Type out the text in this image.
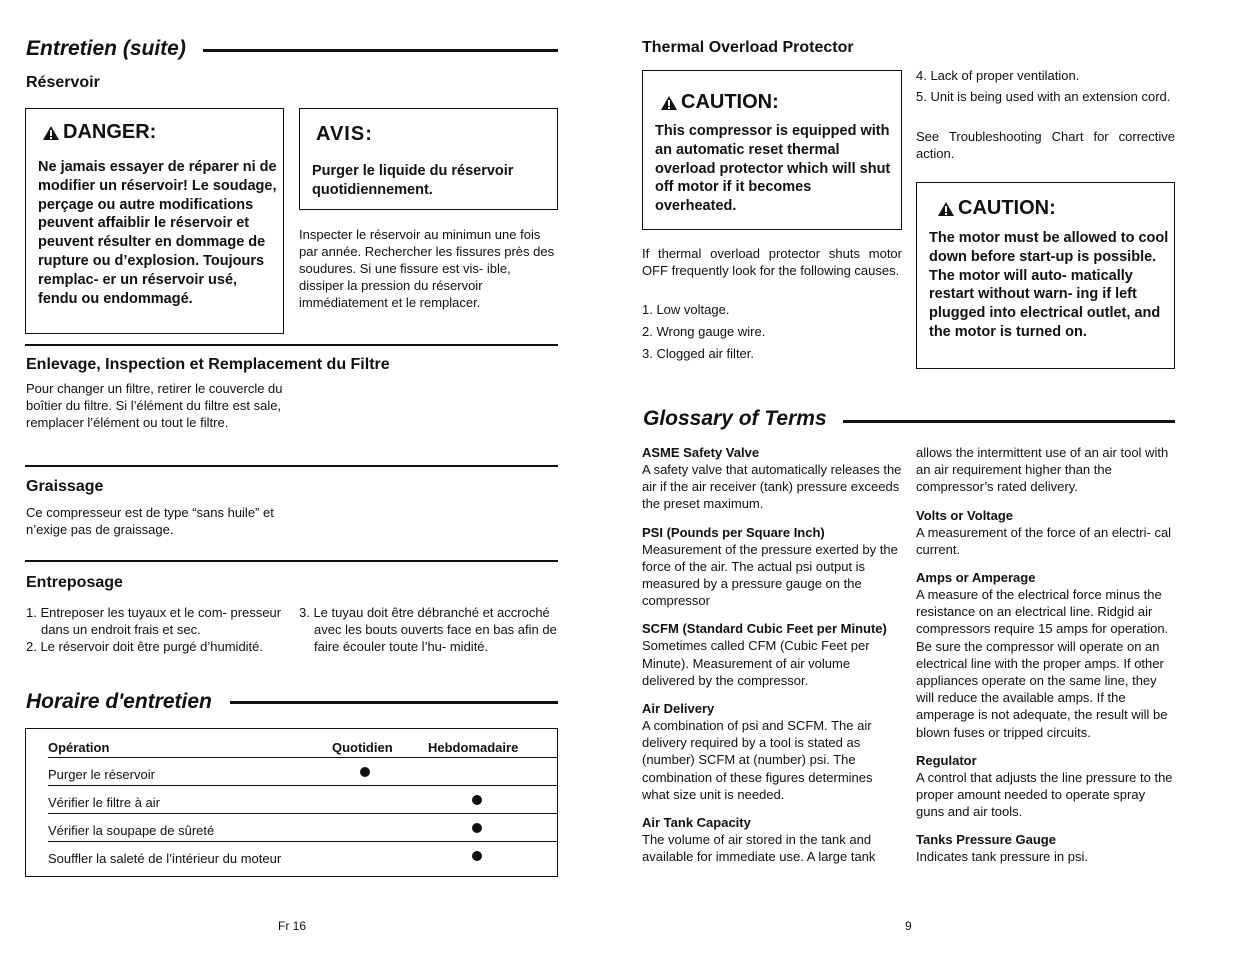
Entretien (suite)
Réservoir
DANGER:
Ne jamais essayer de réparer ni de modifier un réservoir! Le soudage, perçage ou autre modifications peuvent affaiblir le réservoir et peuvent résulter en dommage de rupture ou d’explosion. Toujours remplac- er un réservoir usé, fendu ou endommagé.
AVIS:
Purger le liquide du réservoir quotidiennement.
Inspecter le réservoir au minimun une fois par année. Rechercher les fissures près des soudures. Si une fissure est vis- ible, dissiper la pression du réservoir immédiatement et le remplacer.
Enlevage, Inspection et Remplacement du Filtre
Pour changer un filtre, retirer le couvercle du boîtier du filtre. Si l’élément du filtre est sale, remplacer l’élément ou tout le filtre.
Graissage
Ce compresseur est de type “sans huile” et n’exige pas de graissage.
Entreposage
1. Entreposer les tuyaux et le com- presseur dans un endroit frais et sec.
2. Le réservoir doit être purgé d’humidité.
3. Le tuyau doit être débranché et accroché avec les bouts ouverts face en bas afin de faire écouler toute l’hu- midité.
Horaire d'entretien
Opération	Quotidien	Hebdomadaire
Purger le réservoir
Vérifier le filtre à air
Vérifier la soupape de sûreté
Souffler la saleté de l’intérieur du moteur
Fr 16
Thermal Overload Protector
CAUTION:
This compressor is equipped with an automatic reset thermal overload protector which will shut off motor if it becomes overheated.
If thermal overload protector shuts motor OFF frequently look for the following causes.
1. Low voltage.
2. Wrong gauge wire.
3. Clogged air filter.
4. Lack of proper ventilation.
5. Unit is being used with an extension cord.
See Troubleshooting Chart for corrective action.
CAUTION:
The motor must be allowed to cool down before start-up is possible. The motor will auto- matically restart without warn- ing if left plugged into electrical outlet, and the motor is turned on.
Glossary of Terms
ASME Safety Valve
A safety valve that automatically releases the air if the air receiver (tank) pressure exceeds the preset maximum.
PSI (Pounds per Square Inch)
Measurement of the pressure exerted by the force of the air. The actual psi output is measured by a pressure gauge on the compressor
SCFM (Standard Cubic Feet per Minute)
Sometimes called CFM (Cubic Feet per Minute). Measurement of air volume delivered by the compressor.
Air Delivery
A combination of psi and SCFM. The air delivery required by a tool is stated as (number) SCFM at (number) psi. The combination of these figures determines what size unit is needed.
Air Tank Capacity
The volume of air stored in the tank and available for immediate use. A large tank
allows the intermittent use of an air tool with an air requirement higher than the compressor’s rated delivery.
Volts or Voltage
A measurement of the force of an electri- cal current.
Amps or Amperage
A measure of the electrical force minus the resistance on an electrical line. Ridgid air compressors require 15 amps for operation. Be sure the compressor will operate on an electrical line with the proper amps. If other appliances operate on the same line, they will reduce the available amps. If the amperage is not adequate, the result will be blown fuses or tripped circuits.
Regulator
A control that adjusts the line pressure to the proper amount needed to operate spray guns and air tools.
Tanks Pressure Gauge
Indicates tank pressure in psi.
9
